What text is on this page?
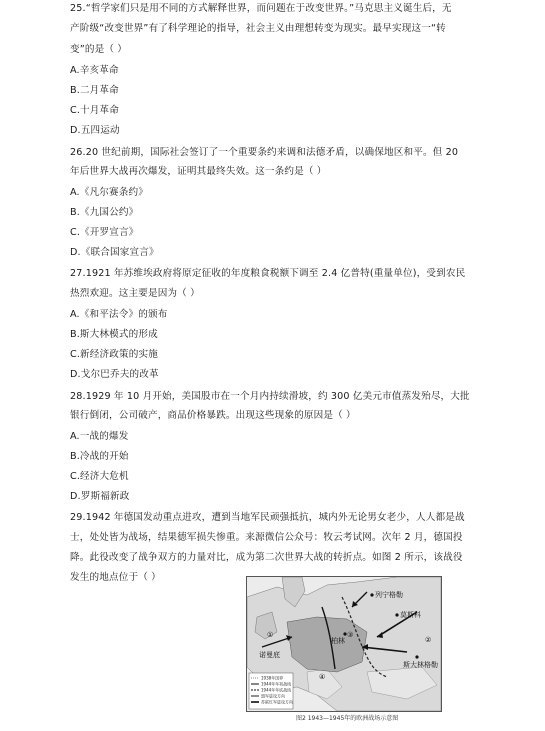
25.“哲学家们只是用不同的方式解释世界，而问题在于改变世界。”马克思主义诞生后，无
产阶级“改变世界”有了科学理论的指导，社会主义由理想转变为现实。最早实现这一“转
变”的是（ ）
A.辛亥革命
B.二月革命
C.十月革命
D.五四运动
26.20 世纪前期，国际社会签订了一个重要条约来调和法德矛盾，以确保地区和平。但 20
年后世界大战再次爆发，证明其最终失效。这一条约是（ ）
A.《凡尔赛条约》
B.《九国公约》
C.《开罗宣言》
D.《联合国家宣言》
27.1921 年苏维埃政府将原定征收的年度粮食税额下调至 2.4 亿普特(重量单位)，受到农民
热烈欢迎。这主要是因为（ ）
A.《和平法令》的颁布
B.斯大林模式的形成
C.新经济政策的实施
D.戈尔巴乔夫的改革
28.1929 年 10 月开始，美国股市在一个月内持续滑坡，约 300 亿美元市值蒸发殆尽，大批
银行倒闭，公司破产，商品价格暴跌。出现这些现象的原因是（ ）
A.一战的爆发
B.冷战的开始
C.经济大危机
D.罗斯福新政
29.1942 年德国发动重点进攻，遭到当地军民顽强抵抗，城内外无论男女老少，人人都是战
士，处处皆为战场，结果德军损失惨重。来源微信公众号：牧云考试网。次年 2 月，德国投
降。此役改变了战争双方的力量对比，成为第二次世界大战的转折点。如图 2 所示，该战役
发生的地点位于（ ）
列宁格勒
莫斯科
柏林
斯大林格勒
诺曼底
①
②
③
④
1938年国界
1944年年初战线
1944年年底战线
盟军进攻方向
苏联红军进攻方向
图2 1943—1945年的欧洲战场示意图
